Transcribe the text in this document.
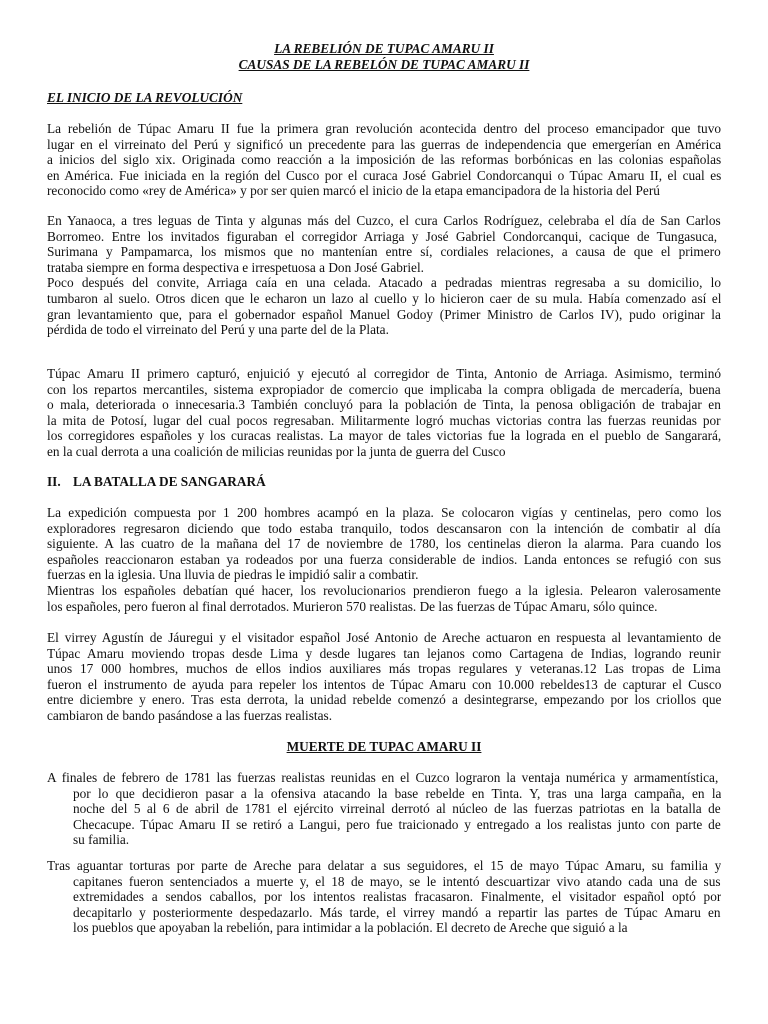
LA REBELIÓN DE TUPAC AMARU II
CAUSAS DE LA REBELÓN DE TUPAC AMARU II
EL INICIO DE LA REVOLUCIÓN
La rebelión de Túpac Amaru II fue la primera gran revolución acontecida dentro del proceso emancipador que tuvo
lugar en el virreinato del Perú y significó un precedente para las guerras de independencia que emergerían en América
a inicios del siglo xix. Originada como reacción a la imposición de las reformas borbónicas en las colonias españolas
en América. Fue iniciada en la región del Cusco por el curaca José Gabriel Condorcanqui o Túpac Amaru II, el cual es
reconocido como «rey de América» y por ser quien marcó el inicio de la etapa emancipadora de la historia del Perú
En Yanaoca, a tres leguas de Tinta y algunas más del Cuzco, el cura Carlos Rodríguez, celebraba el día de San Carlos
Borromeo. Entre los invitados figuraban el corregidor Arriaga y José Gabriel Condorcanqui, cacique de Tungasuca,
Surimana y Pampamarca, los mismos que no mantenían entre sí, cordiales relaciones, a causa de que el primero
trataba siempre en forma despectiva e irrespetuosa a Don José Gabriel.
Poco después del convite, Arriaga caía en una celada. Atacado a pedradas mientras regresaba a su domicilio, lo
tumbaron al suelo. Otros dicen que le echaron un lazo al cuello y lo hicieron caer de su mula. Había comenzado así el
gran levantamiento que, para el gobernador español Manuel Godoy (Primer Ministro de Carlos IV), pudo originar la
pérdida de todo el virreinato del Perú y una parte del de la Plata.
Túpac Amaru II primero capturó, enjuició y ejecutó al corregidor de Tinta, Antonio de Arriaga. Asimismo, terminó
con los repartos mercantiles, sistema expropiador de comercio que implicaba la compra obligada de mercadería, buena
o mala, deteriorada o innecesaria.3 También concluyó para la población de Tinta, la penosa obligación de trabajar en
la mita de Potosí, lugar del cual pocos regresaban. Militarmente logró muchas victorias contra las fuerzas reunidas por
los corregidores españoles y los curacas realistas. La mayor de tales victorias fue la lograda en el pueblo de Sangarará,
en la cual derrota a una coalición de milicias reunidas por la junta de guerra del Cusco
II. LA BATALLA DE SANGARARÁ
La expedición compuesta por 1 200 hombres acampó en la plaza. Se colocaron vigías y centinelas, pero como los
exploradores regresaron diciendo que todo estaba tranquilo, todos descansaron con la intención de combatir al día
siguiente. A las cuatro de la mañana del 17 de noviembre de 1780, los centinelas dieron la alarma. Para cuando los
españoles reaccionaron estaban ya rodeados por una fuerza considerable de indios. Landa entonces se refugió con sus
fuerzas en la iglesia. Una lluvia de piedras le impidió salir a combatir.
Mientras los españoles debatían qué hacer, los revolucionarios prendieron fuego a la iglesia. Pelearon valerosamente
los españoles, pero fueron al final derrotados. Murieron 570 realistas. De las fuerzas de Túpac Amaru, sólo quince.
El virrey Agustín de Jáuregui y el visitador español José Antonio de Areche actuaron en respuesta al levantamiento de
Túpac Amaru moviendo tropas desde Lima y desde lugares tan lejanos como Cartagena de Indias, logrando reunir
unos 17 000 hombres, muchos de ellos indios auxiliares más tropas regulares y veteranas.12 Las tropas de Lima
fueron el instrumento de ayuda para repeler los intentos de Túpac Amaru con 10.000 rebeldes13 de capturar el Cusco
entre diciembre y enero. Tras esta derrota, la unidad rebelde comenzó a desintegrarse, empezando por los criollos que
cambiaron de bando pasándose a las fuerzas realistas.
MUERTE DE TUPAC AMARU II
A finales de febrero de 1781 las fuerzas realistas reunidas en el Cuzco lograron la ventaja numérica y armamentística,
por lo que decidieron pasar a la ofensiva atacando la base rebelde en Tinta. Y, tras una larga campaña, en la
noche del 5 al 6 de abril de 1781 el ejército virreinal derrotó al núcleo de las fuerzas patriotas en la batalla de
Checacupe. Túpac Amaru II se retiró a Langui, pero fue traicionado y entregado a los realistas junto con parte de
su familia.
Tras aguantar torturas por parte de Areche para delatar a sus seguidores, el 15 de mayo Túpac Amaru, su familia y
capitanes fueron sentenciados a muerte y, el 18 de mayo, se le intentó descuartizar vivo atando cada una de sus
extremidades a sendos caballos, por los intentos realistas fracasaron. Finalmente, el visitador español optó por
decapitarlo y posteriormente despedazarlo. Más tarde, el virrey mandó a repartir las partes de Túpac Amaru en
los pueblos que apoyaban la rebelión, para intimidar a la población. El decreto de Areche que siguió a la
